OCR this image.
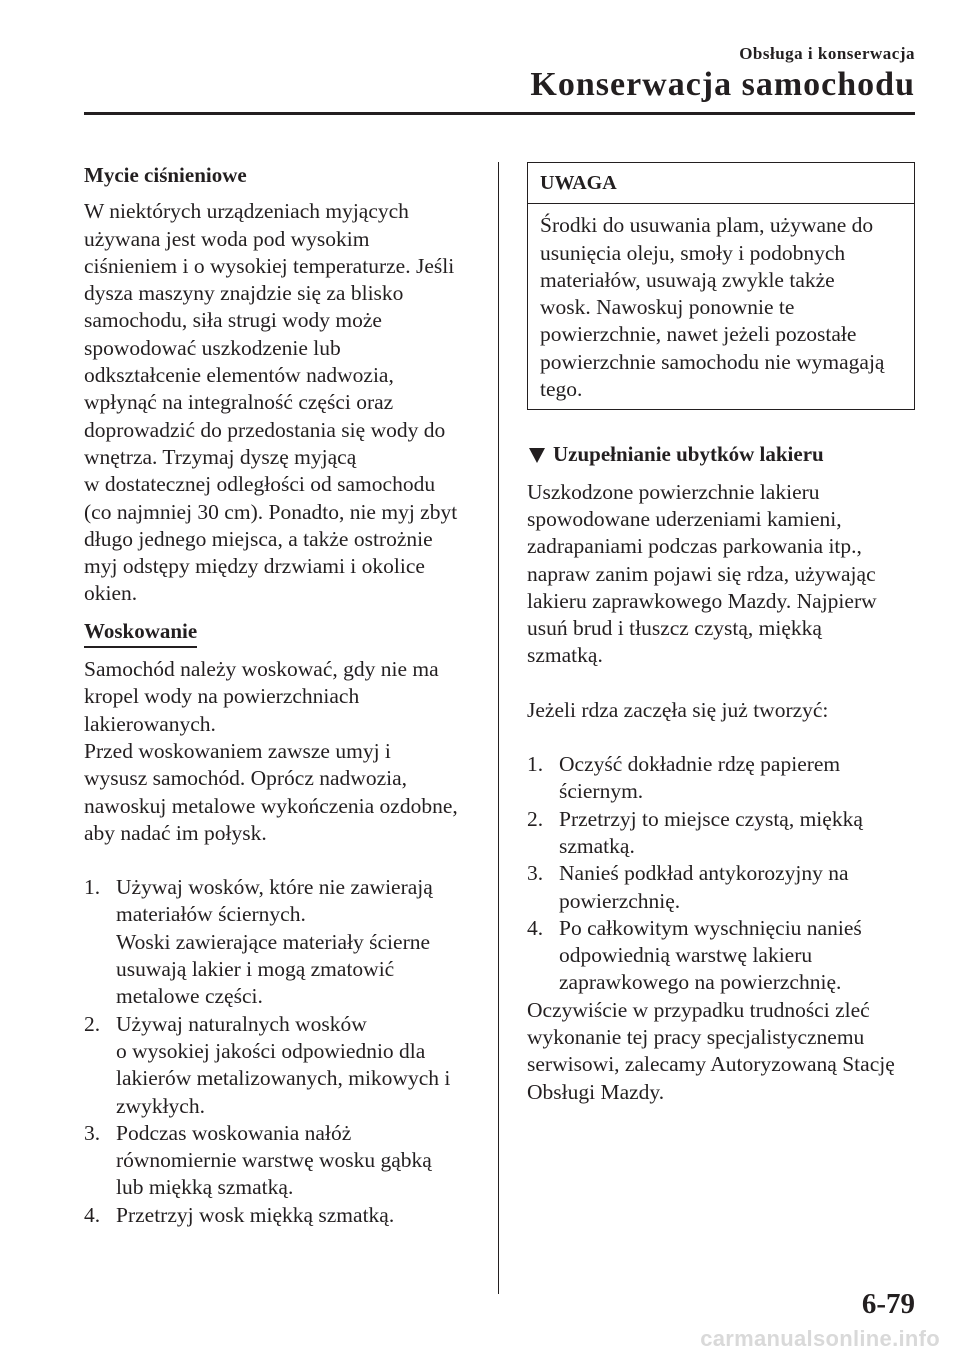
Obsługa i konserwacja
Konserwacja samochodu
Mycie ciśnieniowe
W niektórych urządzeniach myjących
używana jest woda pod wysokim
ciśnieniem i o wysokiej temperaturze. Jeśli
dysza maszyny znajdzie się za blisko
samochodu, siła strugi wody może
spowodować uszkodzenie lub
odkształcenie elementów nadwozia,
wpłynąć na integralność części oraz
doprowadzić do przedostania się wody do
wnętrza. Trzymaj dyszę myjącą
w dostatecznej odległości od samochodu
(co najmniej 30 cm). Ponadto, nie myj zbyt
długo jednego miejsca, a także ostrożnie
myj odstępy między drzwiami i okolice
okien.
Woskowanie
Samochód należy woskować, gdy nie ma
kropel wody na powierzchniach
lakierowanych.
Przed woskowaniem zawsze umyj i
wysusz samochód. Oprócz nadwozia,
nawoskuj metalowe wykończenia ozdobne,
aby nadać im połysk.
1. Używaj wosków, które nie zawierają
materiałów ściernych.
Woski zawierające materiały ścierne
usuwają lakier i mogą zmatowić
metalowe części.
2. Używaj naturalnych wosków
o wysokiej jakości odpowiednio dla
lakierów metalizowanych, mikowych i
zwykłych.
3. Podczas woskowania nałóż
równomiernie warstwę wosku gąbką
lub miękką szmatką.
4. Przetrzyj wosk miękką szmatką.
UWAGA
Środki do usuwania plam, używane do
usunięcia oleju, smoły i podobnych
materiałów, usuwają zwykle także
wosk. Nawoskuj ponownie te
powierzchnie, nawet jeżeli pozostałe
powierzchnie samochodu nie wymagają
tego.
Uzupełnianie ubytków lakieru
Uszkodzone powierzchnie lakieru
spowodowane uderzeniami kamieni,
zadrapaniami podczas parkowania itp.,
napraw zanim pojawi się rdza, używając
lakieru zaprawkowego Mazdy. Najpierw
usuń brud i tłuszcz czystą, miękką
szmatką.
Jeżeli rdza zaczęła się już tworzyć:
1. Oczyść dokładnie rdzę papierem
ściernym.
2. Przetrzyj to miejsce czystą, miękką
szmatką.
3. Nanieś podkład antykorozyjny na
powierzchnię.
4. Po całkowitym wyschnięciu nanieś
odpowiednią warstwę lakieru
zaprawkowego na powierzchnię.
Oczywiście w przypadku trudności zleć
wykonanie tej pracy specjalistycznemu
serwisowi, zalecamy Autoryzowaną Stację
Obsługi Mazdy.
6-79
carmanualsonline.info
